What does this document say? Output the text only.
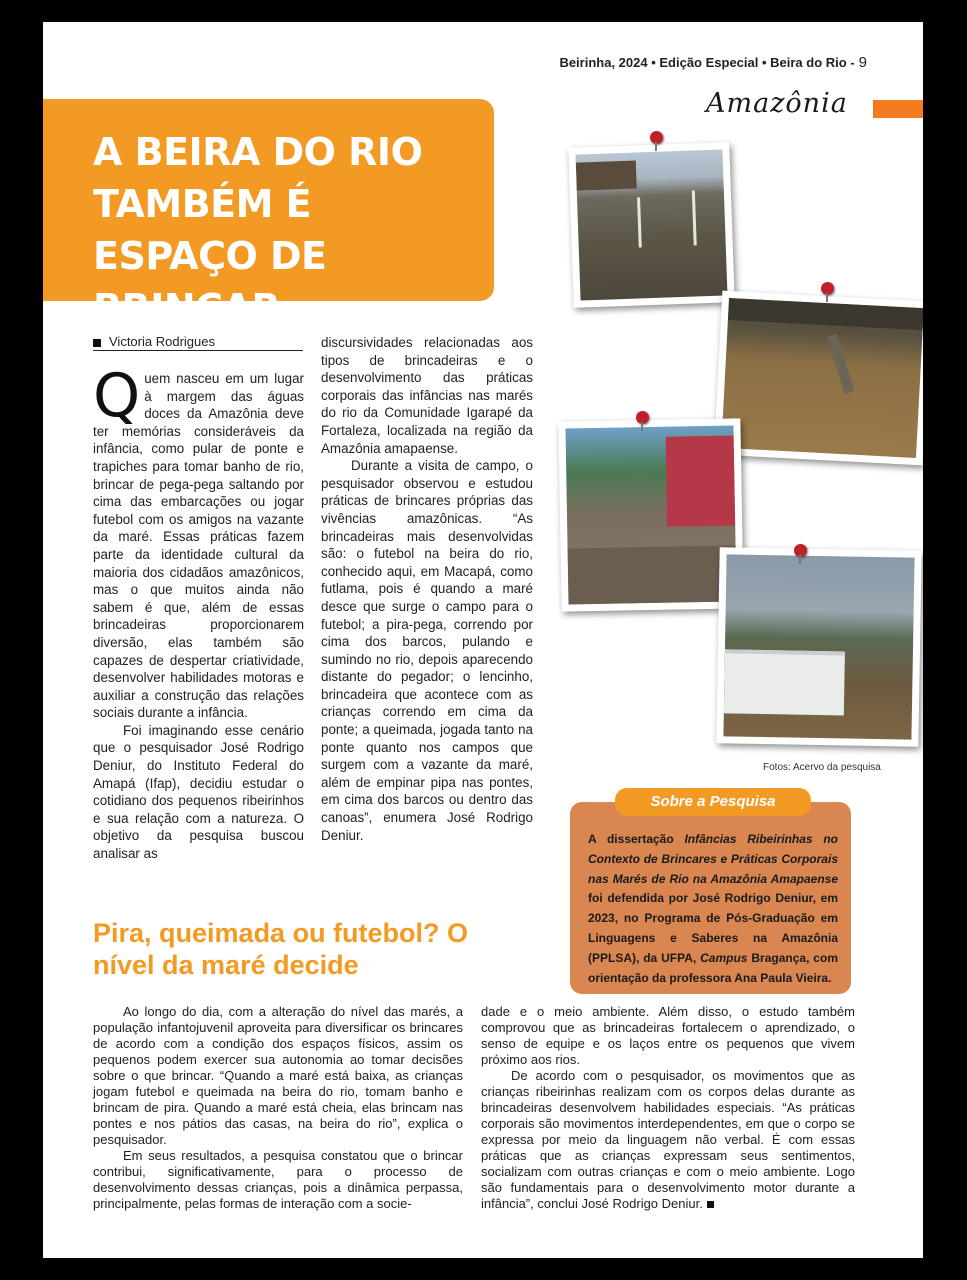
Beirinha, 2024 • Edição Especial • Beira do Rio - 9
Amazônia
A BEIRA DO RIO TAMBÉM É ESPAÇO DE BRINCAR
Victoria Rodrigues

Quem nasceu em um lugar à margem das águas doces da Amazônia deve ter memórias consideráveis da infância, como pular de ponte e trapiches para tomar banho de rio, brincar de pega-pega saltando por cima das embarcações ou jogar futebol com os amigos na vazante da maré. Essas práticas fazem parte da identidade cultural da maioria dos cidadãos amazônicos, mas o que muitos ainda não sabem é que, além de essas brincadeiras proporcionarem diversão, elas também são capazes de despertar criatividade, desenvolver habilidades motoras e auxiliar a construção das relações sociais durante a infância.

Foi imaginando esse cenário que o pesquisador José Rodrigo Deniur, do Instituto Federal do Amapá (Ifap), decidiu estudar o cotidiano dos pequenos ribeirinhos e sua relação com a natureza. O objetivo da pesquisa buscou analisar as

discursividades relacionadas aos tipos de brincadeiras e o desenvolvimento das práticas corporais das infâncias nas marés do rio da Comunidade Igarapé da Fortaleza, localizada na região da Amazônia amapaense.

Durante a visita de campo, o pesquisador observou e estudou práticas de brincares próprias das vivências amazônicas. “As brincadeiras mais desenvolvidas são: o futebol na beira do rio, conhecido aqui, em Macapá, como futlama, pois é quando a maré desce que surge o campo para o futebol; a pira-pega, correndo por cima dos barcos, pulando e sumindo no rio, depois aparecendo distante do pegador; o lencinho, brincadeira que acontece com as crianças correndo em cima da ponte; a queimada, jogada tanto na ponte quanto nos campos que surgem com a vazante da maré, além de empinar pipa nas pontes, em cima dos barcos ou dentro das canoas”, enumera José Rodrigo Deniur.

Fotos: Acervo da pesquisa
Sobre a Pesquisa
A dissertação Infâncias Ribeirinhas no Contexto de Brincares e Práticas Corporais nas Marés de Rio na Amazônia Amapaense foi defendida por José Rodrigo Deniur, em 2023, no Programa de Pós-Graduação em Linguagens e Saberes na Amazônia (PPLSA), da UFPA, Campus Bragança, com orientação da professora Ana Paula Vieira.
Pira, queimada ou futebol? O nível da maré decide

Ao longo do dia, com a alteração do nível das marés, a população infantojuvenil aproveita para diversificar os brincares de acordo com a condição dos espaços físicos, assim os pequenos podem exercer sua autonomia ao tomar decisões sobre o que brincar. “Quando a maré está baixa, as crianças jogam futebol e queimada na beira do rio, tomam banho e brincam de pira. Quando a maré está cheia, elas brincam nas pontes e nos pátios das casas, na beira do rio”, explica o pesquisador.

Em seus resultados, a pesquisa constatou que o brincar contribui, significativamente, para o processo de desenvolvimento dessas crianças, pois a dinâmica perpassa, principalmente, pelas formas de interação com a socie-

dade e o meio ambiente. Além disso, o estudo também comprovou que as brincadeiras fortalecem o aprendizado, o senso de equipe e os laços entre os pequenos que vivem próximo aos rios.

De acordo com o pesquisador, os movimentos que as crianças ribeirinhas realizam com os corpos delas durante as brincadeiras desenvolvem habilidades especiais. “As práticas corporais são movimentos interdependentes, em que o corpo se expressa por meio da linguagem não verbal. É com essas práticas que as crianças expressam seus sentimentos, socializam com outras crianças e com o meio ambiente. Logo são fundamentais para o desenvolvimento motor durante a infância”, conclui José Rodrigo Deniur.
